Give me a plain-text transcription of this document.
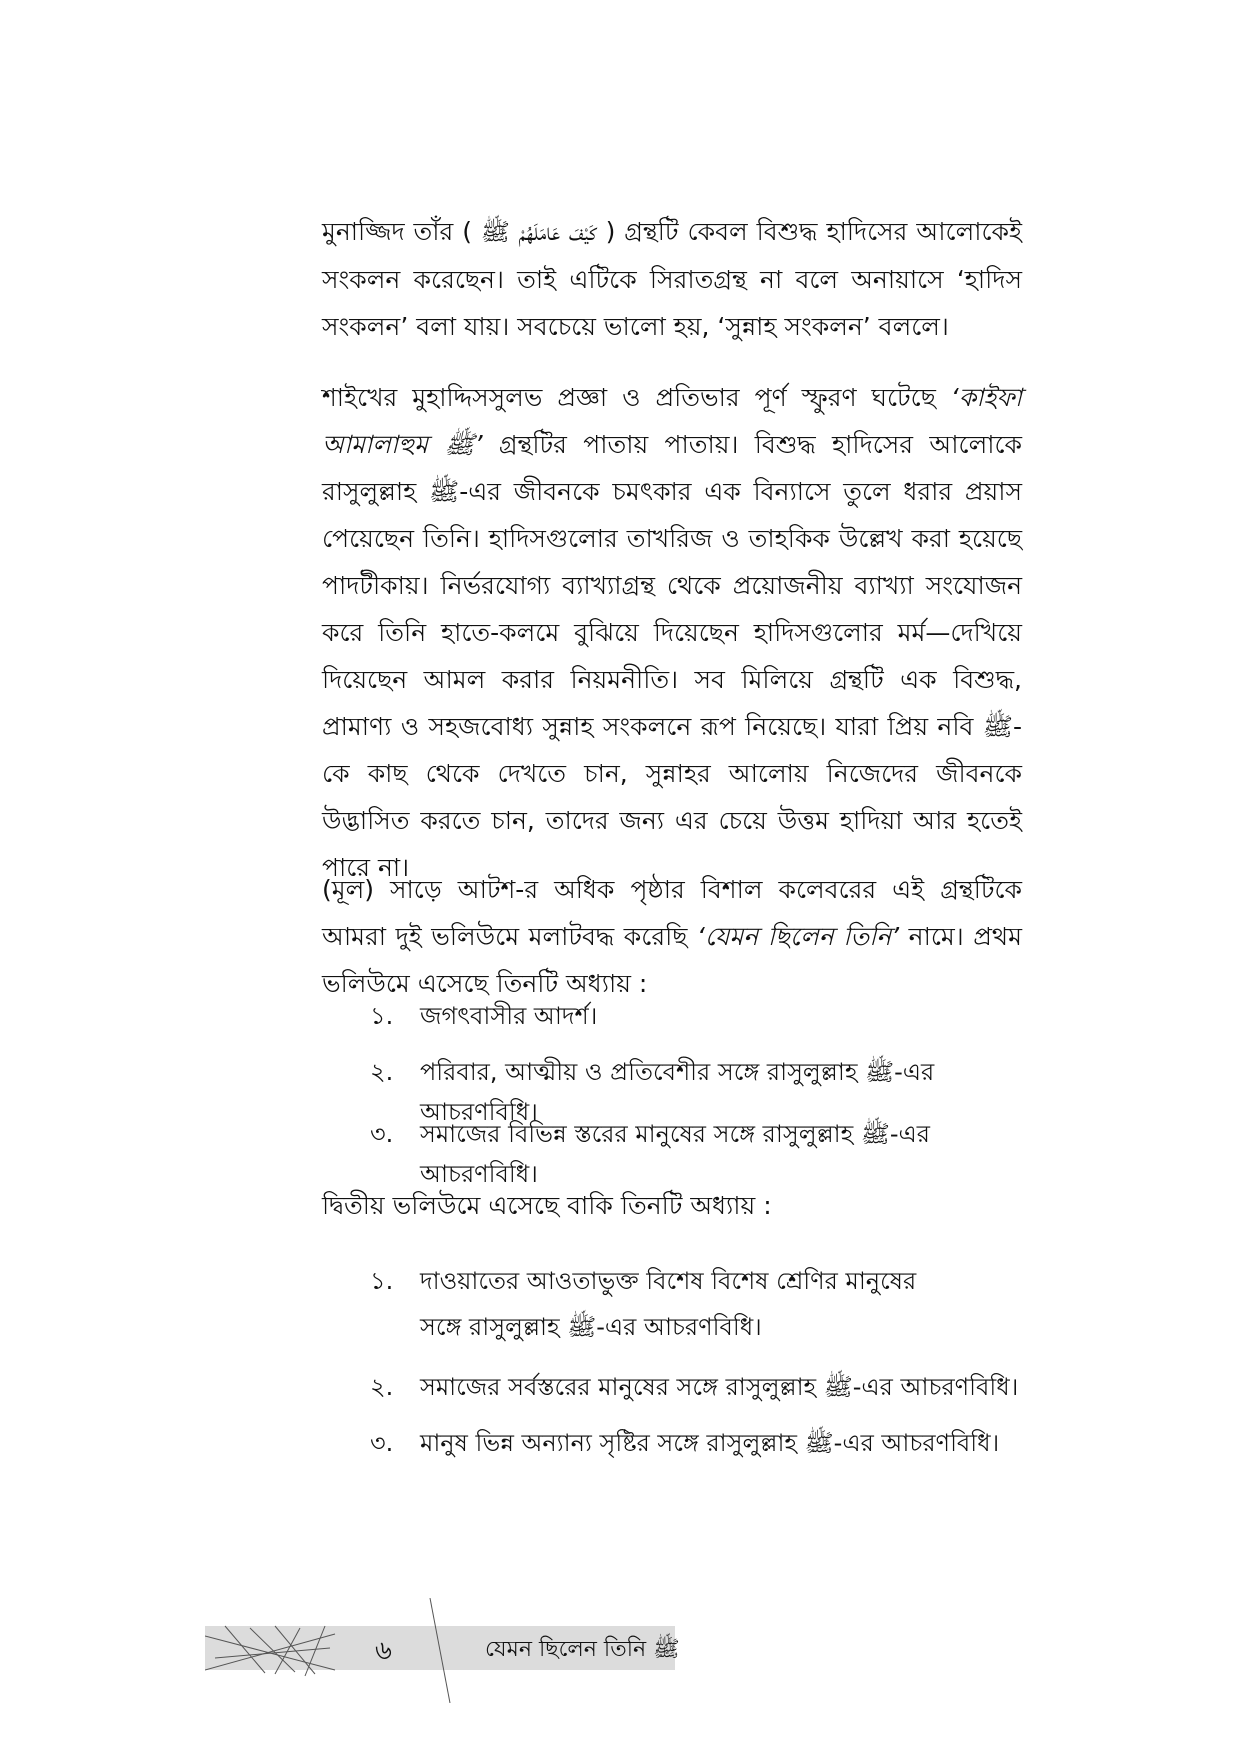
মুনাজ্জিদ তাঁর ( كَيْفَ عَامَلَهُمْ ﷺ ) গ্রন্থটি কেবল বিশুদ্ধ হাদিসের আলোকেই সংকলন করেছেন। তাই এটিকে সিরাতগ্রন্থ না বলে অনায়াসে ‘হাদিস সংকলন’ বলা যায়। সবচেয়ে ভালো হয়, ‘সুন্নাহ সংকলন’ বললে।

শাইখের মুহাদ্দিসসুলভ প্রজ্ঞা ও প্রতিভার পূর্ণ স্ফুরণ ঘটেছে ‘কাইফা আমালাহুম ﷺ’ গ্রন্থটির পাতায় পাতায়। বিশুদ্ধ হাদিসের আলোকে রাসুলুল্লাহ ﷺ-এর জীবনকে চমৎকার এক বিন্যাসে তুলে ধরার প্রয়াস পেয়েছেন তিনি। হাদিসগুলোর তাখরিজ ও তাহকিক উল্লেখ করা হয়েছে পাদটীকায়। নির্ভরযোগ্য ব্যাখ্যাগ্রন্থ থেকে প্রয়োজনীয় ব্যাখ্যা সংযোজন করে তিনি হাতে-কলমে বুঝিয়ে দিয়েছেন হাদিসগুলোর মর্ম—দেখিয়ে দিয়েছেন আমল করার নিয়মনীতি। সব মিলিয়ে গ্রন্থটি এক বিশুদ্ধ, প্রামাণ্য ও সহজবোধ্য সুন্নাহ সংকলনে রূপ নিয়েছে। যারা প্রিয় নবি ﷺ-কে কাছ থেকে দেখতে চান, সুন্নাহর আলোয় নিজেদের জীবনকে উদ্ভাসিত করতে চান, তাদের জন্য এর চেয়ে উত্তম হাদিয়া আর হতেই পারে না।

(মূল) সাড়ে আটশ-র অধিক পৃষ্ঠার বিশাল কলেবরের এই গ্রন্থটিকে আমরা দুই ভলিউমে মলাটবদ্ধ করেছি ‘যেমন ছিলেন তিনি’ নামে। প্রথম ভলিউমে এসেছে তিনটি অধ্যায় :

১. জগৎবাসীর আদর্শ।
২. পরিবার, আত্মীয় ও প্রতিবেশীর সঙ্গে রাসুলুল্লাহ ﷺ-এর আচরণবিধি।
৩. সমাজের বিভিন্ন স্তরের মানুষের সঙ্গে রাসুলুল্লাহ ﷺ-এর আচরণবিধি।

দ্বিতীয় ভলিউমে এসেছে বাকি তিনটি অধ্যায় :

১. দাওয়াতের আওতাভুক্ত বিশেষ বিশেষ শ্রেণির মানুষের সঙ্গে রাসুলুল্লাহ ﷺ-এর আচরণবিধি।
২. সমাজের সর্বস্তরের মানুষের সঙ্গে রাসুলুল্লাহ ﷺ-এর আচরণবিধি।
৩. মানুষ ভিন্ন অন্যান্য সৃষ্টির সঙ্গে রাসুলুল্লাহ ﷺ-এর আচরণবিধি।
৬	যেমন ছিলেন তিনি ﷺ
